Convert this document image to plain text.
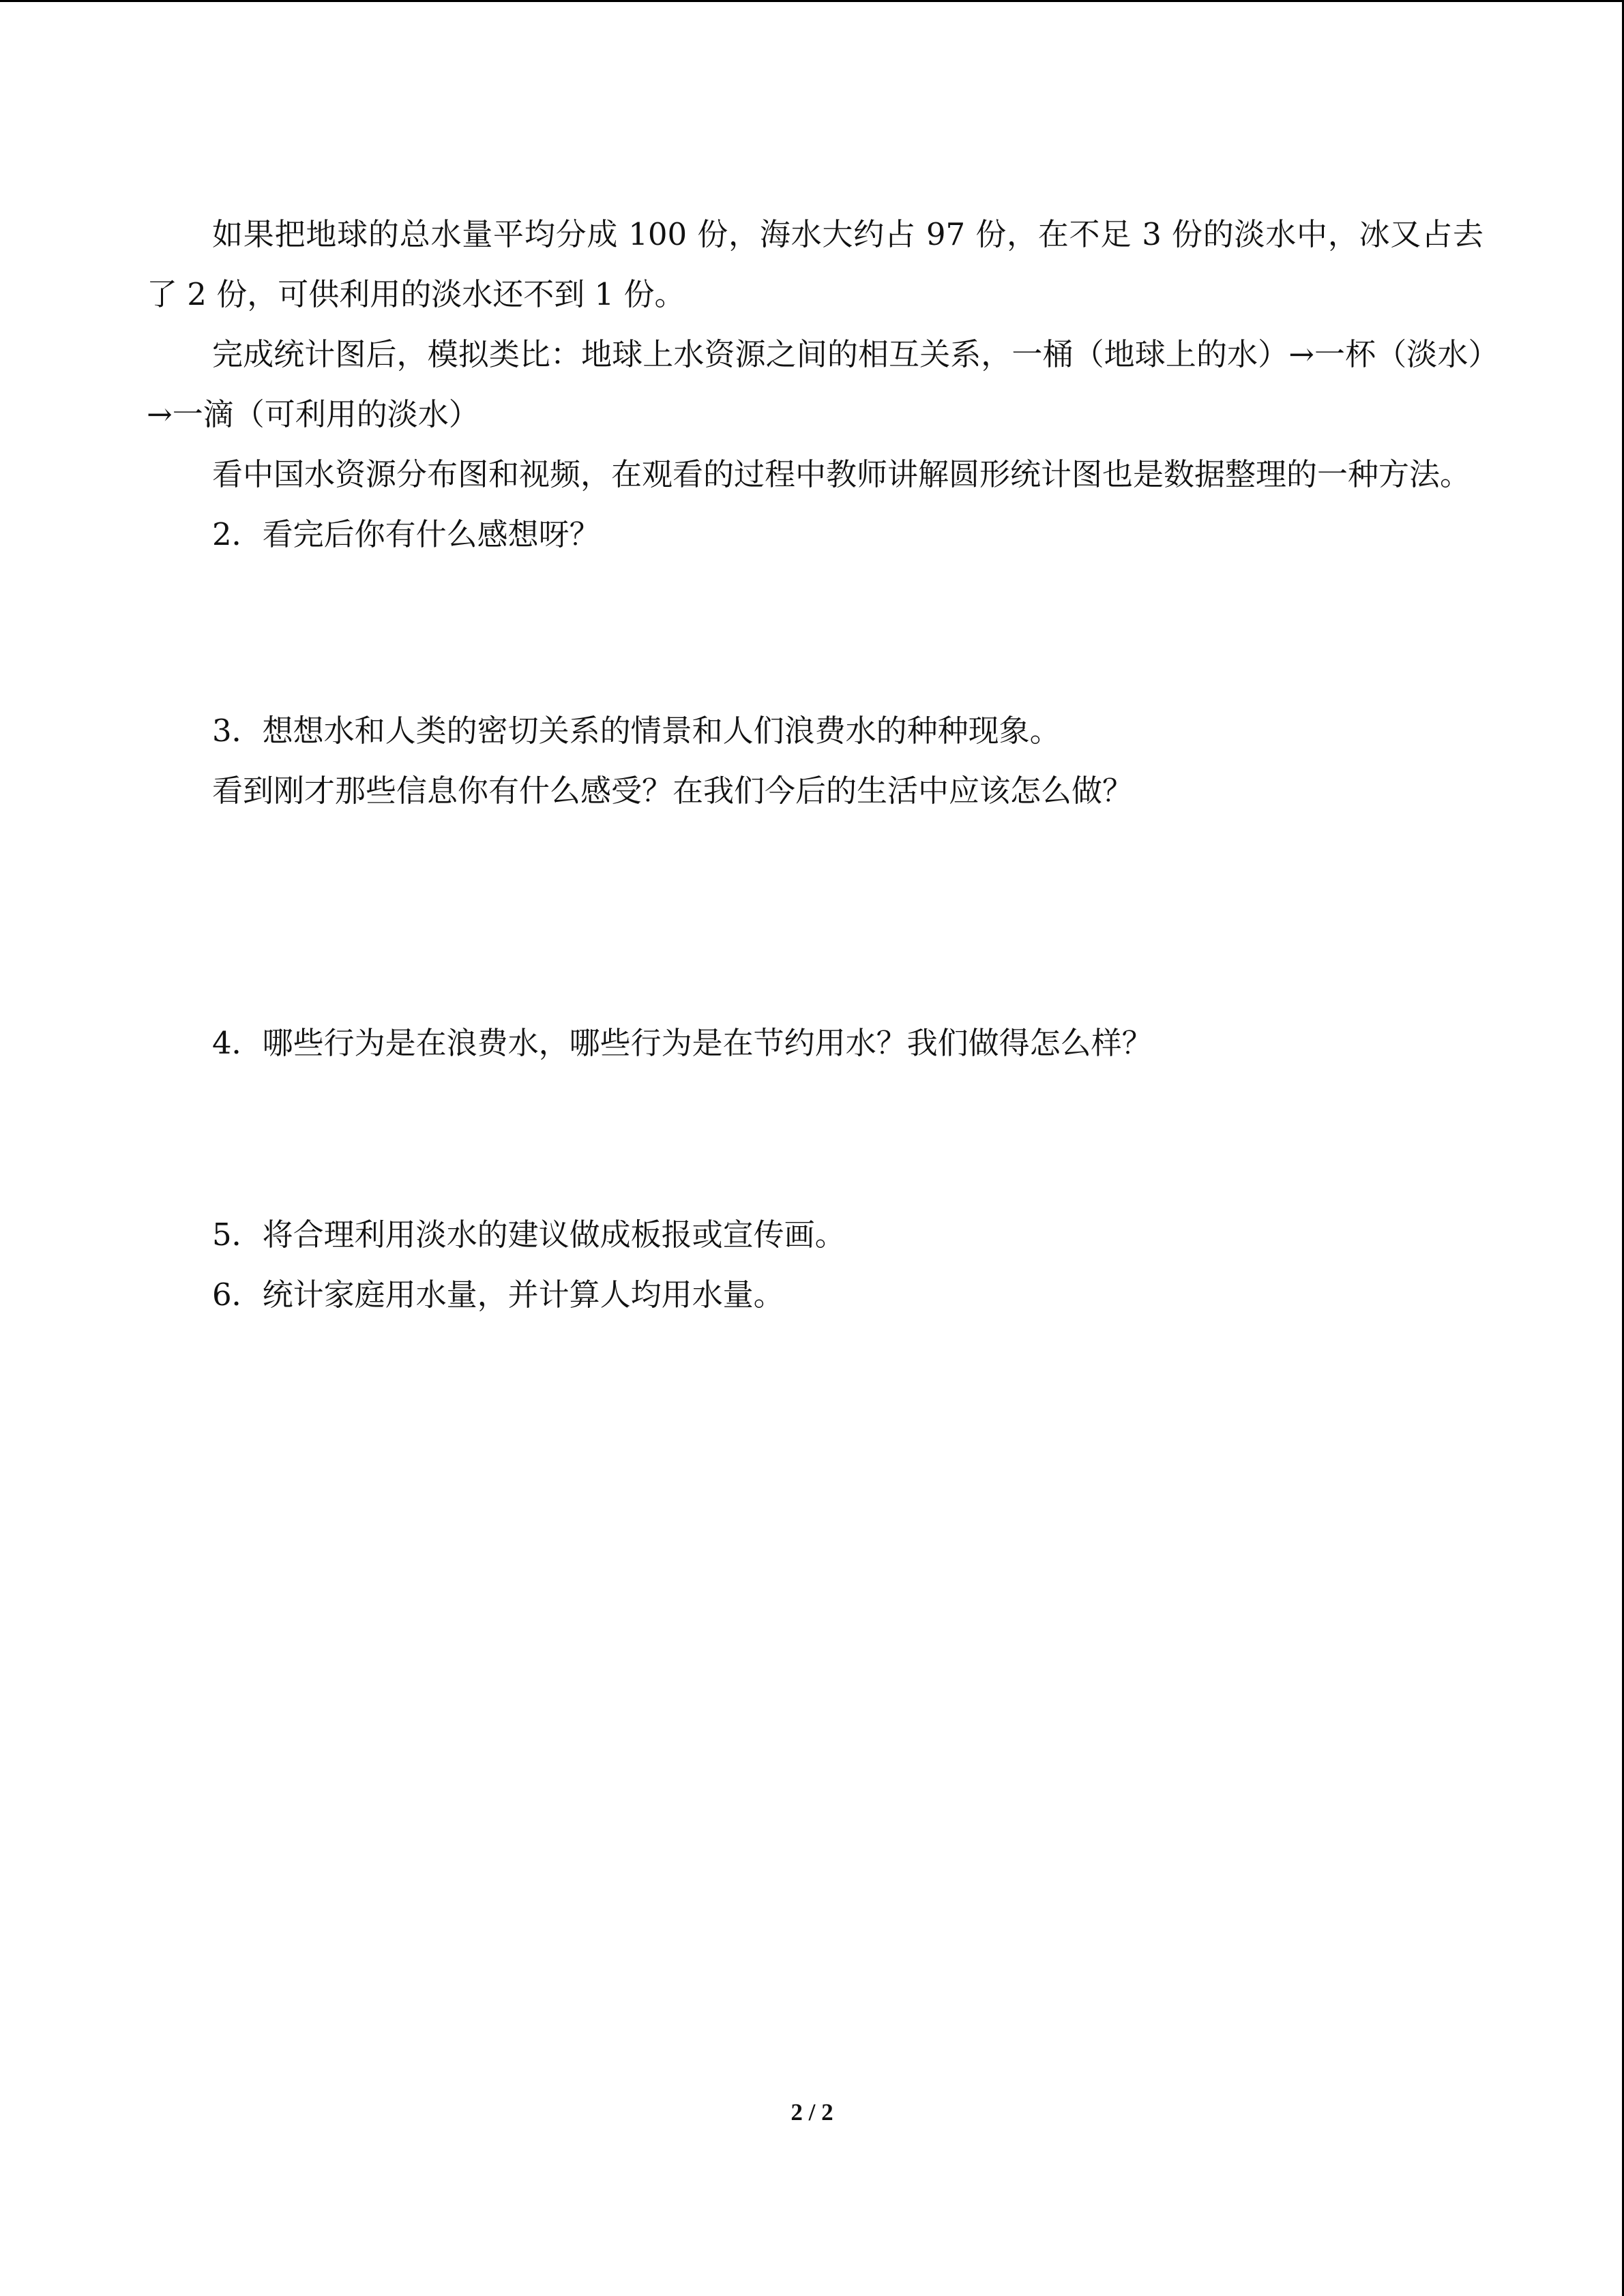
如果把地球的总水量平均分成 100 份，海水大约占 97 份，在不足 3 份的淡水中，冰又占去了 2 份，可供利用的淡水还不到 1 份。

完成统计图后，模拟类比：地球上水资源之间的相互关系，一桶（地球上的水）→一杯（淡水）→一滴（可利用的淡水）

看中国水资源分布图和视频，在观看的过程中教师讲解圆形统计图也是数据整理的一种方法。

2．看完后你有什么感想呀？

3．想想水和人类的密切关系的情景和人们浪费水的种种现象。

看到刚才那些信息你有什么感受？在我们今后的生活中应该怎么做？

4．哪些行为是在浪费水，哪些行为是在节约用水？我们做得怎么样？

5．将合理利用淡水的建议做成板报或宣传画。

6．统计家庭用水量，并计算人均用水量。

2 / 2
